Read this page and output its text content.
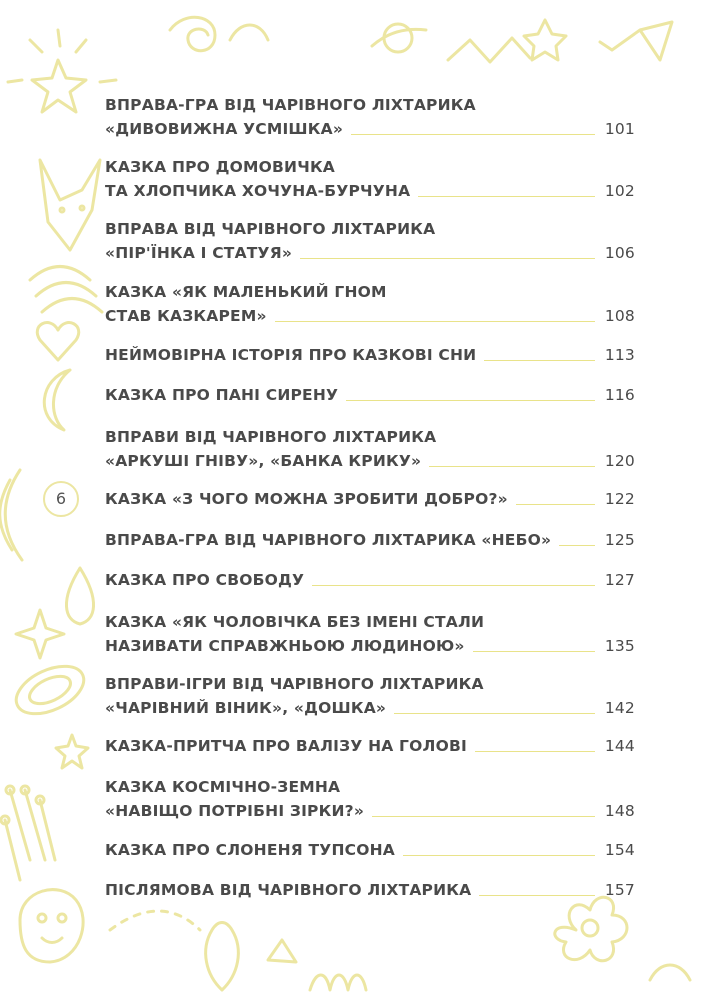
6
ВПРАВА-ГРА ВІД ЧАРІВНОГО ЛІХТАРИКА
«ДИВОВИЖНА УСМІШКА»	101
КАЗКА ПРО ДОМОВИЧКА
ТА ХЛОПЧИКА ХОЧУНА-БУРЧУНА	102
ВПРАВА ВІД ЧАРІВНОГО ЛІХТАРИКА
«ПІР'ЇНКА І СТАТУЯ»	106
КАЗКА «ЯК МАЛЕНЬКИЙ ГНОМ
СТАВ КАЗКАРЕМ»	108
НЕЙМОВІРНА ІСТОРІЯ ПРО КАЗКОВІ СНИ	113
КАЗКА ПРО ПАНІ СИРЕНУ	116
ВПРАВИ ВІД ЧАРІВНОГО ЛІХТАРИКА
«АРКУШІ ГНІВУ», «БАНКА КРИКУ»	120
КАЗКА «З ЧОГО МОЖНА ЗРОБИТИ ДОБРО?»	122
ВПРАВА-ГРА ВІД ЧАРІВНОГО ЛІХТАРИКА «НЕБО»	125
КАЗКА ПРО СВОБОДУ	127
КАЗКА «ЯК ЧОЛОВІЧКА БЕЗ ІМЕНІ СТАЛИ
НАЗИВАТИ СПРАВЖНЬОЮ ЛЮДИНОЮ»	135
ВПРАВИ-ІГРИ ВІД ЧАРІВНОГО ЛІХТАРИКА
«ЧАРІВНИЙ ВІНИК», «ДОШКА»	142
КАЗКА-ПРИТЧА ПРО ВАЛІЗУ НА ГОЛОВІ	144
КАЗКА КОСМІЧНО-ЗЕМНА
«НАВІЩО ПОТРІБНІ ЗІРКИ?»	148
КАЗКА ПРО СЛОНЕНЯ ТУПСОНА	154
ПІСЛЯМОВА ВІД ЧАРІВНОГО ЛІХТАРИКА	157
